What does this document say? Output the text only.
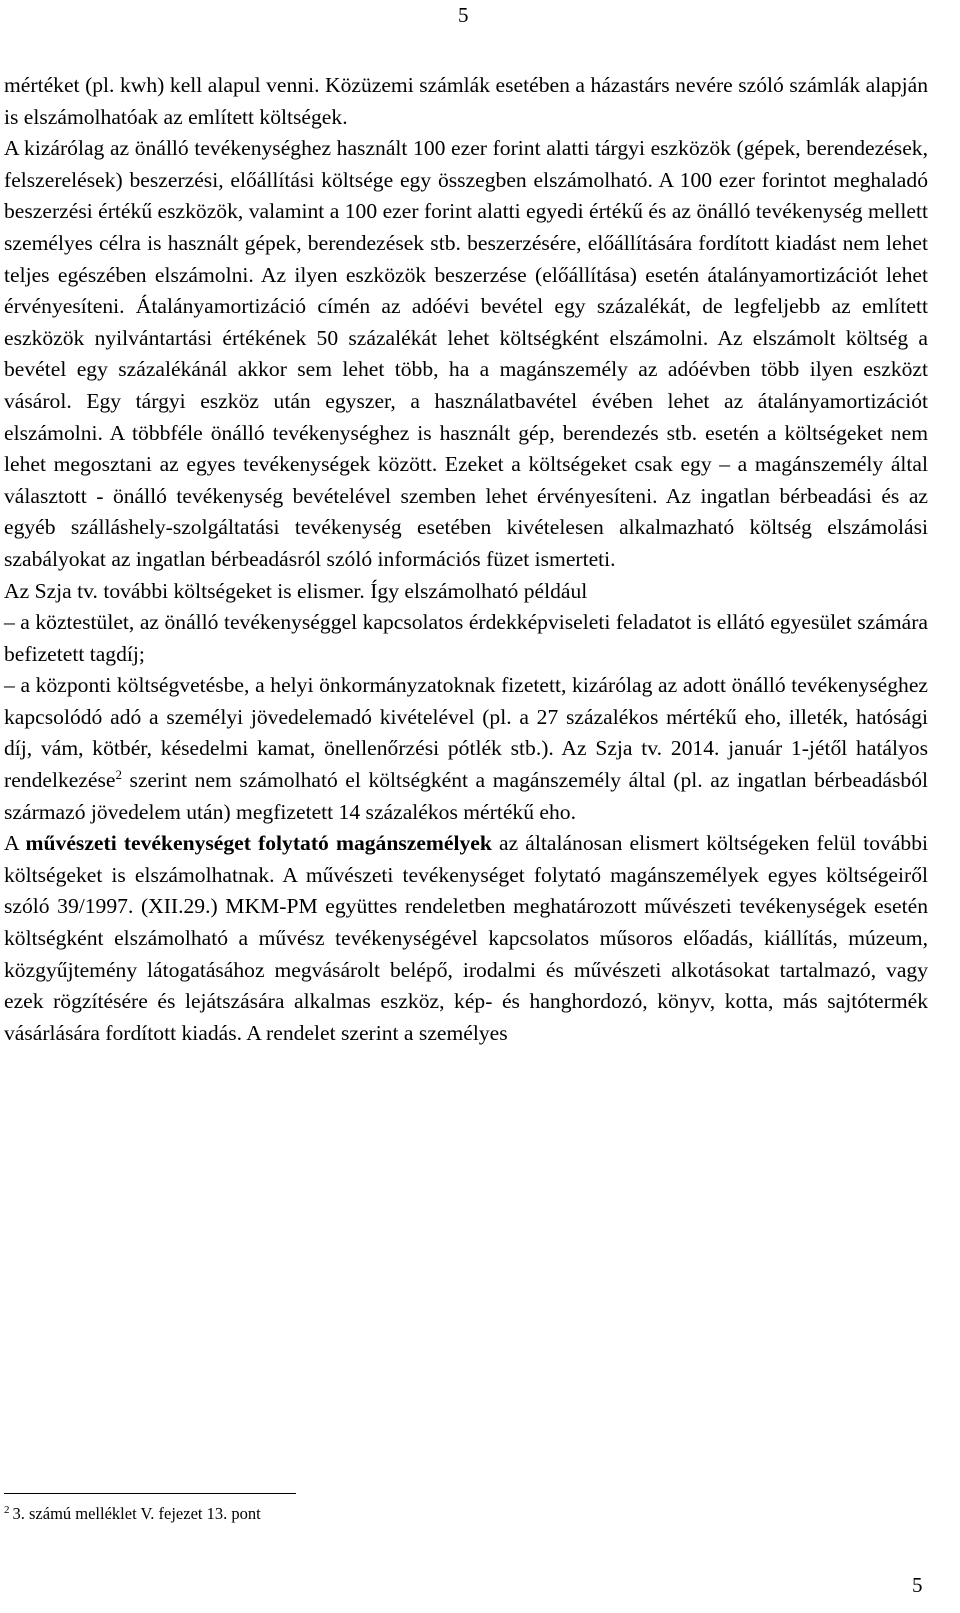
5

mértéket (pl. kwh) kell alapul venni. Közüzemi számlák esetében a házastárs nevére szóló számlák alapján is elszámolhatóak az említett költségek.

A kizárólag az önálló tevékenységhez használt 100 ezer forint alatti tárgyi eszközök (gépek, berendezések, felszerelések) beszerzési, előállítási költsége egy összegben elszámolható. A 100 ezer forintot meghaladó beszerzési értékű eszközök, valamint a 100 ezer forint alatti egyedi értékű és az önálló tevékenység mellett személyes célra is használt gépek, berendezések stb. beszerzésére, előállítására fordított kiadást nem lehet teljes egészében elszámolni. Az ilyen eszközök beszerzése (előállítása) esetén átalányamortizációt lehet érvényesíteni. Átalányamortizáció címén az adóévi bevétel egy százalékát, de legfeljebb az említett eszközök nyilvántartási értékének 50 százalékát lehet költségként elszámolni. Az elszámolt költség a bevétel egy százalékánál akkor sem lehet több, ha a magánszemély az adóévben több ilyen eszközt vásárol. Egy tárgyi eszköz után egyszer, a használatbavétel évében lehet az átalányamortizációt elszámolni. A többféle önálló tevékenységhez is használt gép, berendezés stb. esetén a költségeket nem lehet megosztani az egyes tevékenységek között. Ezeket a költségeket csak egy – a magánszemély által választott - önálló tevékenység bevételével szemben lehet érvényesíteni. Az ingatlan bérbeadási és az egyéb szálláshely-szolgáltatási tevékenység esetében kivételesen alkalmazható költség elszámolási szabályokat az ingatlan bérbeadásról szóló információs füzet ismerteti.

Az Szja tv. további költségeket is elismer. Így elszámolható például

– a köztestület, az önálló tevékenységgel kapcsolatos érdekképviseleti feladatot is ellátó egyesület számára befizetett tagdíj;

– a központi költségvetésbe, a helyi önkormányzatoknak fizetett, kizárólag az adott önálló tevékenységhez kapcsolódó adó a személyi jövedelemadó kivételével (pl. a 27 százalékos mértékű eho, illeték, hatósági díj, vám, kötbér, késedelmi kamat, önellenőrzési pótlék stb.). Az Szja tv. 2014. január 1-jétől hatályos rendelkezése$^2$ szerint nem számolható el költségként a magánszemély által (pl. az ingatlan bérbeadásból származó jövedelem után) megfizetett 14 százalékos mértékű eho.

A művészeti tevékenységet folytató magánszemélyek az általánosan elismert költségeken felül további költségeket is elszámolhatnak. A művészeti tevékenységet folytató magánszemélyek egyes költségeiről szóló 39/1997. (XII.29.) MKM-PM együttes rendeletben meghatározott művészeti tevékenységek esetén költségként elszámolható a művész tevékenységével kapcsolatos műsoros előadás, kiállítás, múzeum, közgyűjtemény látogatásához megvásárolt belépő, irodalmi és művészeti alkotásokat tartalmazó, vagy ezek rögzítésére és lejátszására alkalmas eszköz, kép- és hanghordozó, könyv, kotta, más sajtótermék vásárlására fordított kiadás. A rendelet szerint a személyes

$^2$ 3. számú melléklet V. fejezet 13. pont
5
